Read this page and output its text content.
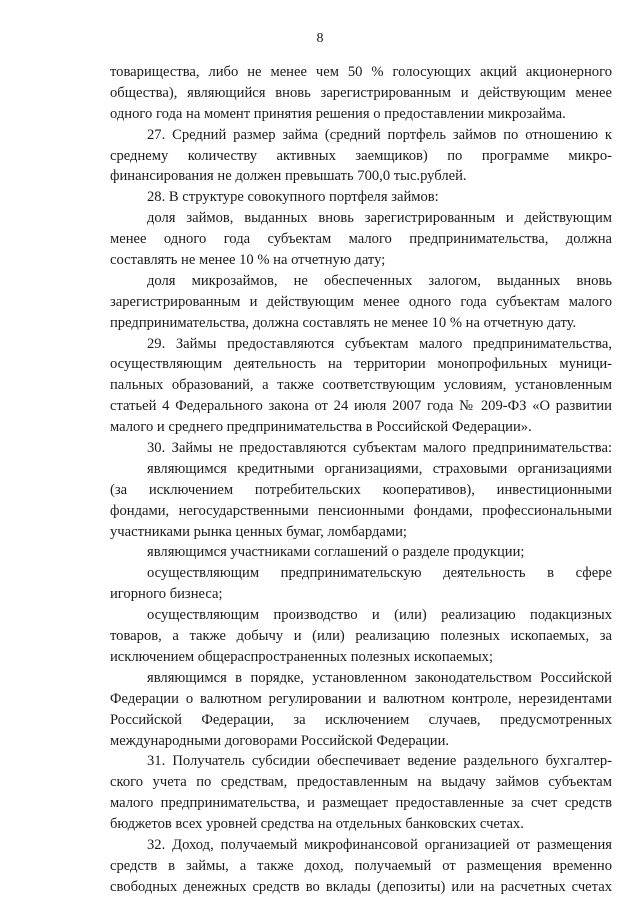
8
товарищества, либо не менее чем 50 % голосующих акций акционерного
общества), являющийся вновь зарегистрированным и действующим менее
одного года на момент принятия решения о предоставлении микрозайма.
27. Средний размер займа (средний портфель займов по отношению к
среднему количеству активных заемщиков) по программе микро-
финансирования не должен превышать 700,0 тыс.рублей.
28. В структуре совокупного портфеля займов:
доля займов, выданных вновь зарегистрированным и действующим
менее одного года субъектам малого предпринимательства, должна
составлять не менее 10 % на отчетную дату;
доля микрозаймов, не обеспеченных залогом, выданных вновь
зарегистрированным и действующим менее одного года субъектам малого
предпринимательства, должна составлять не менее 10 % на отчетную дату.
29. Займы предоставляются субъектам малого предпринимательства,
осуществляющим деятельность на территории монопрофильных муници-
пальных образований, а также соответствующим условиям, установленным
статьей 4 Федерального закона от 24 июля 2007 года № 209-ФЗ «О развитии
малого и среднего предпринимательства в Российской Федерации».
30. Займы не предоставляются субъектам малого предпринимательства:
являющимся кредитными организациями, страховыми организациями
(за исключением потребительских кооперативов), инвестиционными
фондами, негосударственными пенсионными фондами, профессиональными
участниками рынка ценных бумаг, ломбардами;
являющимся участниками соглашений о разделе продукции;
осуществляющим предпринимательскую деятельность в сфере
игорного бизнеса;
осуществляющим производство и (или) реализацию подакцизных
товаров, а также добычу и (или) реализацию полезных ископаемых, за
исключением общераспространенных полезных ископаемых;
являющимся в порядке, установленном законодательством Российской
Федерации о валютном регулировании и валютном контроле, нерезидентами
Российской Федерации, за исключением случаев, предусмотренных
международными договорами Российской Федерации.
31. Получатель субсидии обеспечивает ведение раздельного бухгалтер-
ского учета по средствам, предоставленным на выдачу займов субъектам
малого предпринимательства, и размещает предоставленные за счет средств
бюджетов всех уровней средства на отдельных банковских счетах.
32. Доход, получаемый микрофинансовой организацией от размещения
средств в займы, а также доход, получаемый от размещения временно
свободных денежных средств во вклады (депозиты) или на расчетных счетах
